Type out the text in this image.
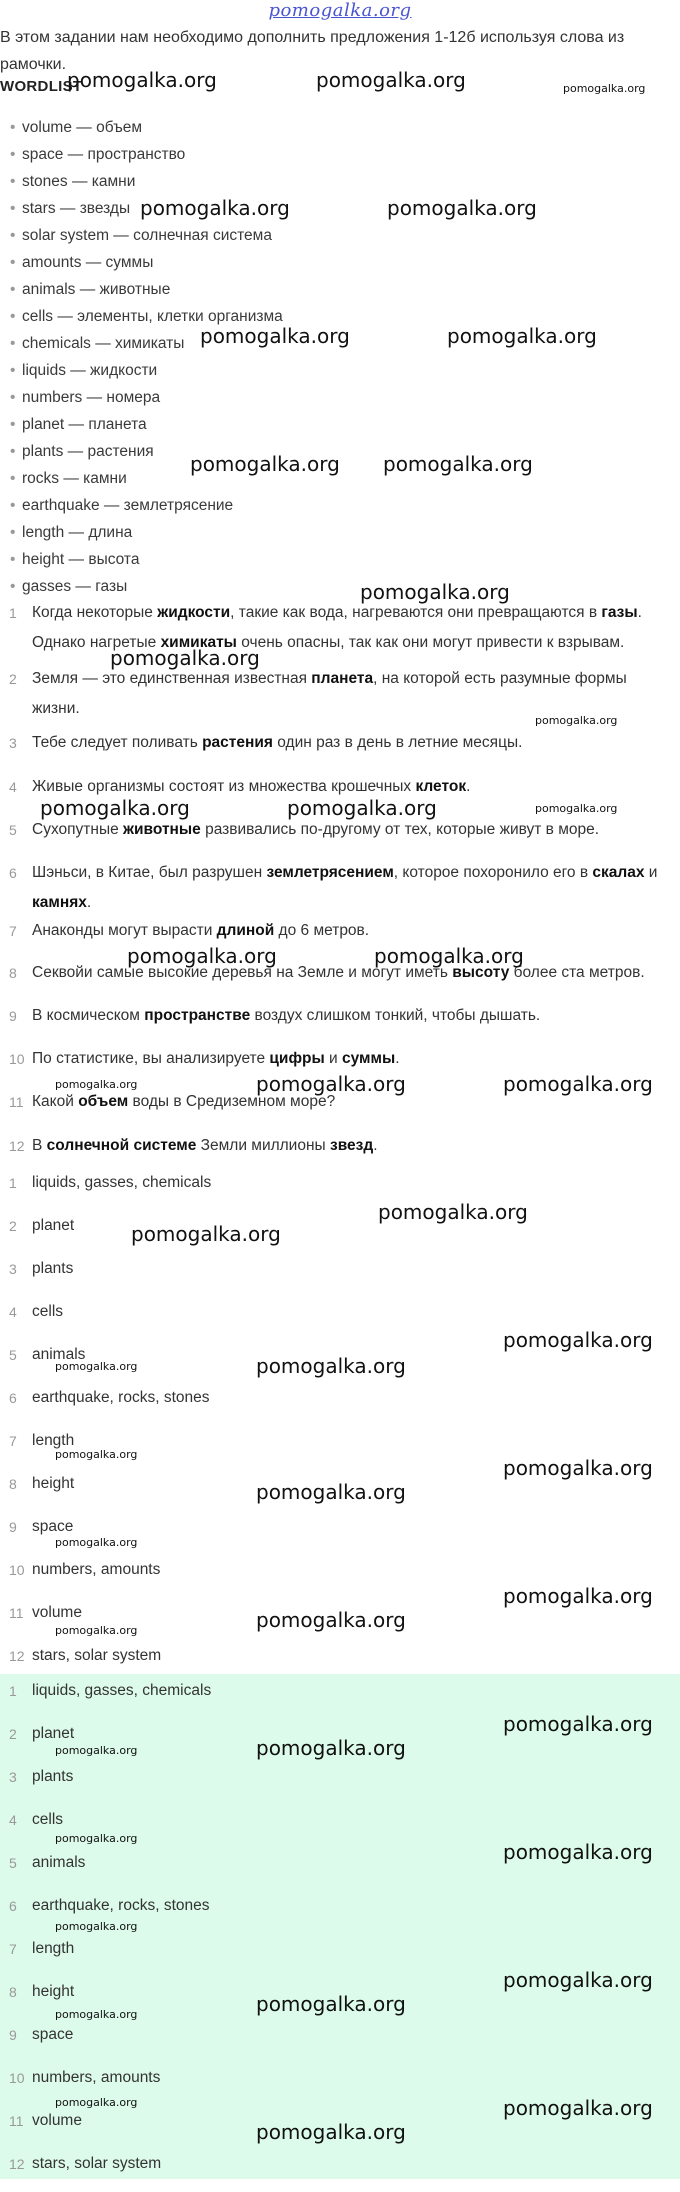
pomogalka.org
В этом задании нам необходимо дополнить предложения 1-12б используя слова из рамочки.
WORDLIST
• volume — объем
• space — пространство
• stones — камни
• stars — звезды
• solar system — солнечная система
• amounts — суммы
• animals — животные
• cells — элементы, клетки организма
• chemicals — химикаты
• liquids — жидкости
• numbers — номера
• planet — планета
• plants — растения
• rocks — камни
• earthquake — землетрясение
• length — длина
• height — высота
• gasses — газы
1 Когда некоторые жидкости, такие как вода, нагреваются они превращаются в газы. Однако нагретые химикаты очень опасны, так как они могут привести к взрывам.
2 Земля — это единственная известная планета, на которой есть разумные формы жизни.
3 Тебе следует поливать растения один раз в день в летние месяцы.
4 Живые организмы состоят из множества крошечных клеток.
5 Сухопутные животные развивались по-другому от тех, которые живут в море.
6 Шэньси, в Китае, был разрушен землетрясением, которое похоронило его в скалах и камнях.
7 Анаконды могут вырасти длиной до 6 метров.
8 Секвойи самые высокие деревья на Земле и могут иметь высоту более ста метров.
9 В космическом пространстве воздух слишком тонкий, чтобы дышать.
10 По статистике, вы анализируете цифры и суммы.
11 Какой объем воды в Средиземном море?
12 В солнечной системе Земли миллионы звезд.
1 liquids, gasses, chemicals
2 planet
3 plants
4 cells
5 animals
6 earthquake, rocks, stones
7 length
8 height
9 space
10 numbers, amounts
11 volume
12 stars, solar system
1 liquids, gasses, chemicals
2 planet
3 plants
4 cells
5 animals
6 earthquake, rocks, stones
7 length
8 height
9 space
10 numbers, amounts
11 volume
12 stars, solar system
pomogalka.org	pomogalka.org	pomogalka.org
pomogalka.org	pomogalka.org
pomogalka.org	pomogalka.org
pomogalka.org pomogalka.org
pomogalka.org
pomogalka.org
pomogalka.org
pomogalka.org	pomogalka.org	pomogalka.org
pomogalka.org	pomogalka.org
pomogalka.org	pomogalka.org	pomogalka.org
pomogalka.org
pomogalka.org
pomogalka.org
pomogalka.org	pomogalka.org
pomogalka.org
pomogalka.org
pomogalka.org
pomogalka.org
pomogalka.org
pomogalka.org	pomogalka.org
pomogalka.org
pomogalka.org	pomogalka.org
pomogalka.org
pomogalka.org
pomogalka.org
pomogalka.org
pomogalka.org	pomogalka.org
pomogalka.org	pomogalka.org
pomogalka.org
